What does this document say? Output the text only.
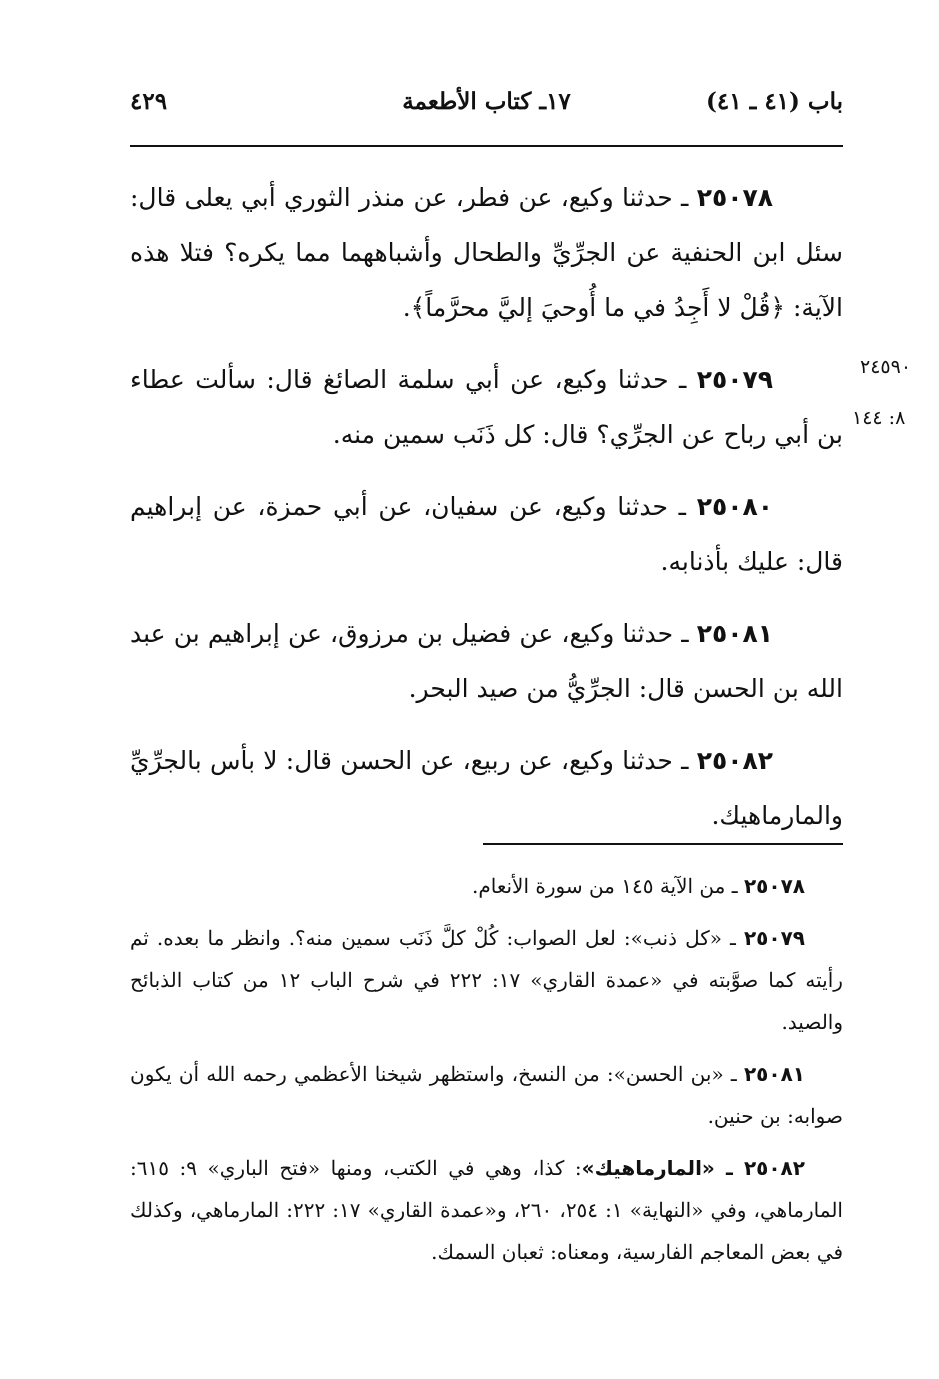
باب (٤١ ـ ٤١)
١٧ـ كتاب الأطعمة
٤٢٩
٢٤٥٩٠
٨: ١٤٤

٢٥٠٧٨ ـ حدثنا وكيع، عن فطر، عن منذر الثوري أبي يعلى قال: سئل ابن الحنفية عن الجرِّيِّ والطحال وأشباههما مما يكره؟ فتلا هذه الآية: ﴿قُلْ لا أَجِدُ في ما أُوحيَ إليَّ محرَّماً﴾.

٢٥٠٧٩ ـ حدثنا وكيع، عن أبي سلمة الصائغ قال: سألت عطاء بن أبي رباح عن الجرِّي؟ قال: كل ذَنَب سمين منه.

٢٥٠٨٠ ـ حدثنا وكيع، عن سفيان، عن أبي حمزة، عن إبراهيم قال: عليك بأذنابه.

٢٥٠٨١ ـ حدثنا وكيع، عن فضيل بن مرزوق، عن إبراهيم بن عبد الله بن الحسن قال: الجرِّيُّ من صيد البحر.

٢٥٠٨٢ ـ حدثنا وكيع، عن ربيع، عن الحسن قال: لا بأس بالجرِّيِّ والمارماهيك.

٢٥٠٧٨ ـ من الآية ١٤٥ من سورة الأنعام.

٢٥٠٧٩ ـ «كل ذنب»: لعل الصواب: كُلْ كلَّ ذَنَب سمين منه؟. وانظر ما بعده. ثم رأيته كما صوَّبته في «عمدة القاري» ١٧: ٢٢٢ في شرح الباب ١٢ من كتاب الذبائح والصيد.

٢٥٠٨١ ـ «بن الحسن»: من النسخ، واستظهر شيخنا الأعظمي رحمه الله أن يكون صوابه: بن حنين.

٢٥٠٨٢ ـ «المارماهيك»: كذا، وهي في الكتب، ومنها «فتح الباري» ٩: ٦١٥: المارماهي، وفي «النهاية» ١: ٢٥٤، ٢٦٠، و«عمدة القاري» ١٧: ٢٢٢: المارماهي، وكذلك في بعض المعاجم الفارسية، ومعناه: ثعبان السمك.
